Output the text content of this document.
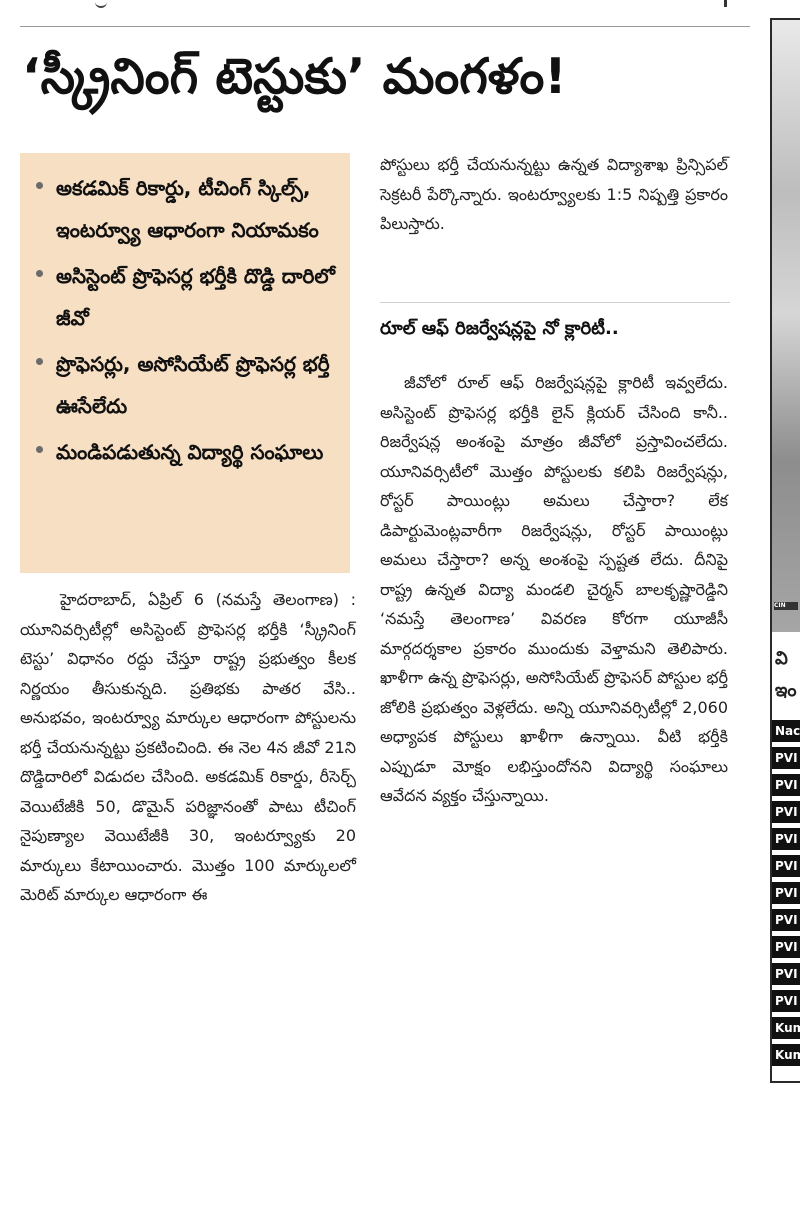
‘స్క్రీనింగ్ టెస్టుకు’ మంగళం!
అకడమిక్ రికార్డు, టీచింగ్ స్కిల్స్, ఇంటర్వ్యూ ఆధారంగా నియామకం
అసిస్టెంట్ ప్రొఫెసర్ల భర్తీకి దొడ్డి దారిలో జీవో
ప్రొఫెసర్లు, అసోసియేట్ ప్రొఫెసర్ల భర్తీ ఊసేలేదు
మండిపడుతున్న విద్యార్థి సంఘాలు

హైదరాబాద్, ఏప్రిల్ 6 (నమస్తే తెలంగాణ) : యూనివర్సిటీల్లో అసిస్టెంట్ ప్రొఫెసర్ల భర్తీకి ‘స్క్రీనింగ్ టెస్టు’ విధానం రద్దు చేస్తూ రాష్ట్ర ప్రభుత్వం కీలక నిర్ణయం తీసుకున్నది. ప్రతిభకు పాతర వేసి.. అనుభవం, ఇంటర్వ్యూ మార్కుల ఆధారంగా పోస్టులను భర్తీ చేయనున్నట్టు ప్రకటించింది. ఈ నెల 4న జీవో 21ని దొడ్డిదారిలో విడుదల చేసింది. అకడమిక్ రికార్డు, రీసెర్చ్ వెయిటేజీకి 50, డొమైన్ పరిజ్ఞానంతో పాటు టీచింగ్ నైపుణ్యాల వెయిటేజీకి 30, ఇంటర్వ్యూకు 20 మార్కులు కేటాయించారు. మొత్తం 100 మార్కులలో మెరిట్ మార్కుల ఆధారంగా ఈ

పోస్టులు భర్తీ చేయనున్నట్టు ఉన్నత విద్యాశాఖ ప్రిన్సిపల్ సెక్రటరీ పేర్కొన్నారు. ఇంటర్వ్యూలకు 1:5 నిష్పత్తి ప్రకారం పిలుస్తారు.

రూల్ ఆఫ్ రిజర్వేషన్లపై నో క్లారిటీ..

జీవోలో రూల్ ఆఫ్ రిజర్వేషన్లపై క్లారిటీ ఇవ్వలేదు. అసిస్టెంట్ ప్రొఫెసర్ల భర్తీకి లైన్ క్లియర్ చేసింది కానీ.. రిజర్వేషన్ల అంశంపై మాత్రం జీవోలో ప్రస్తావించలేదు. యూనివర్సిటీలో మొత్తం పోస్టులకు కలిపి రిజర్వేషన్లు, రోస్టర్ పాయింట్లు అమలు చేస్తారా? లేక డిపార్టుమెంట్లవారీగా రిజర్వేషన్లు, రోస్టర్ పాయింట్లు అమలు చేస్తారా? అన్న అంశంపై స్పష్టత లేదు. దీనిపై రాష్ట్ర ఉన్నత విద్యా మండలి చైర్మన్ బాలకృష్ణారెడ్డిని ‘నమస్తే తెలంగాణ’ వివరణ కోరగా యూజీసీ మార్గదర్శకాల ప్రకారం ముందుకు వెళ్తామని తెలిపారు. ఖాళీగా ఉన్న ప్రొఫెసర్లు, అసోసియేట్ ప్రొఫెసర్ పోస్టుల భర్తీ జోలికి ప్రభుత్వం వెళ్లలేదు. అన్ని యూనివర్సిటీల్లో 2,060 అధ్యాపక పోస్టులు ఖాళీగా ఉన్నాయి. వీటి భర్తీకి ఎప్పుడూ మోక్షం లభిస్తుందోనని విద్యార్థి సంఘాలు ఆవేదన వ్యక్తం చేస్తున్నాయి.

CIN
వి
ఇం
Nac
PVI
PVI
PVI
PVI
PVI
PVI
PVI
PVI
PVI
PVI
Kum
Kum
